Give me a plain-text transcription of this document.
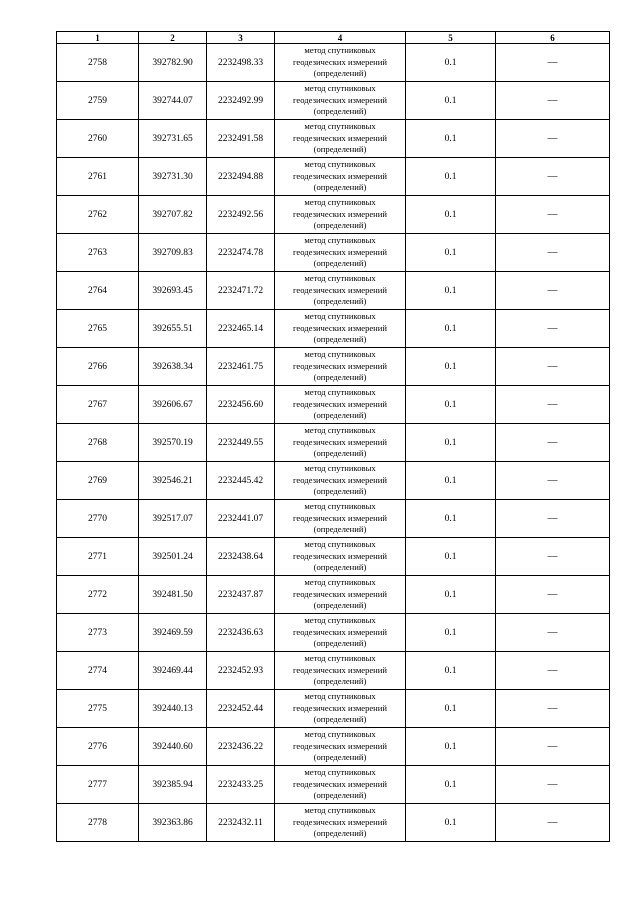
1	2	3	4	5	6
2758	392782.90	2232498.33	метод спутниковых
геодезических измерений
(определений)	0.1	—
2759	392744.07	2232492.99	метод спутниковых
геодезических измерений
(определений)	0.1	—
2760	392731.65	2232491.58	метод спутниковых
геодезических измерений
(определений)	0.1	—
2761	392731.30	2232494.88	метод спутниковых
геодезических измерений
(определений)	0.1	—
2762	392707.82	2232492.56	метод спутниковых
геодезических измерений
(определений)	0.1	—
2763	392709.83	2232474.78	метод спутниковых
геодезических измерений
(определений)	0.1	—
2764	392693.45	2232471.72	метод спутниковых
геодезических измерений
(определений)	0.1	—
2765	392655.51	2232465.14	метод спутниковых
геодезических измерений
(определений)	0.1	—
2766	392638.34	2232461.75	метод спутниковых
геодезических измерений
(определений)	0.1	—
2767	392606.67	2232456.60	метод спутниковых
геодезических измерений
(определений)	0.1	—
2768	392570.19	2232449.55	метод спутниковых
геодезических измерений
(определений)	0.1	—
2769	392546.21	2232445.42	метод спутниковых
геодезических измерений
(определений)	0.1	—
2770	392517.07	2232441.07	метод спутниковых
геодезических измерений
(определений)	0.1	—
2771	392501.24	2232438.64	метод спутниковых
геодезических измерений
(определений)	0.1	—
2772	392481.50	2232437.87	метод спутниковых
геодезических измерений
(определений)	0.1	—
2773	392469.59	2232436.63	метод спутниковых
геодезических измерений
(определений)	0.1	—
2774	392469.44	2232452.93	метод спутниковых
геодезических измерений
(определений)	0.1	—
2775	392440.13	2232452.44	метод спутниковых
геодезических измерений
(определений)	0.1	—
2776	392440.60	2232436.22	метод спутниковых
геодезических измерений
(определений)	0.1	—
2777	392385.94	2232433.25	метод спутниковых
геодезических измерений
(определений)	0.1	—
2778	392363.86	2232432.11	метод спутниковых
геодезических измерений
(определений)	0.1	—
